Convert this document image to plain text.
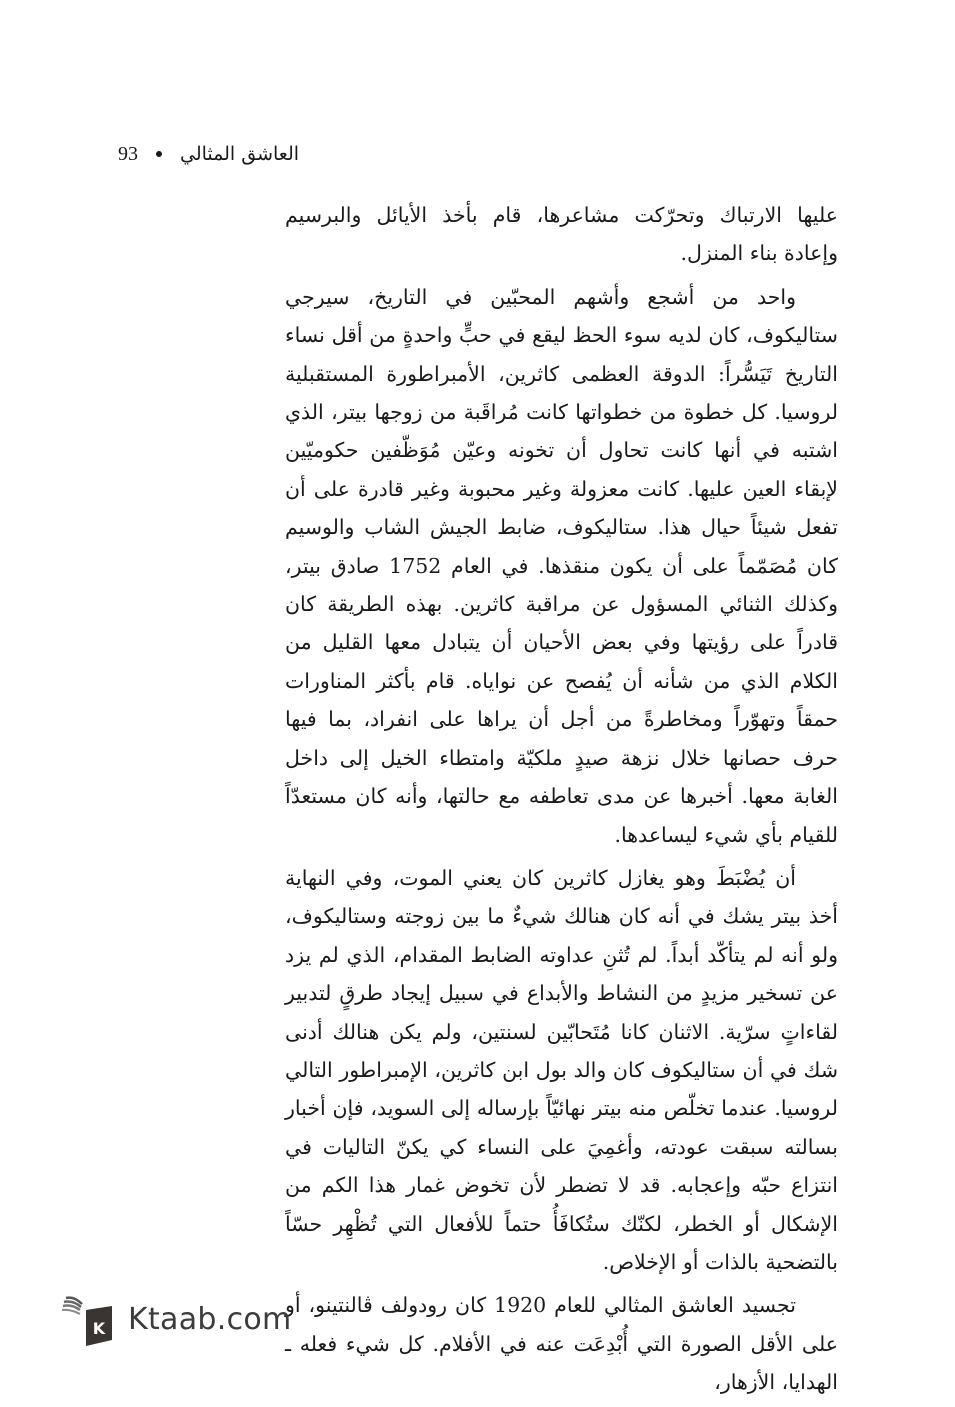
93 العاشق المثالي

عليها الارتباك وتحرّكت مشاعرها، قام بأخذ الأيائل والبرسيم وإعادة بناء المنزل.

واحد من أشجع وأشهم المحبّين في التاريخ، سيرجي ستاليكوف، كان لديه سوء الحظ ليقع في حبٍّ واحدةٍ من أقل نساء التاريخ تَيَسُّراً: الدوقة العظمى كاثرين، الأمبراطورة المستقبلية لروسيا. كل خطوة من خطواتها كانت مُراقَبة من زوجها بيتر، الذي اشتبه في أنها كانت تحاول أن تخونه وعيّن مُوَظّفين حكوميّين لإبقاء العين عليها. كانت معزولة وغير محبوبة وغير قادرة على أن تفعل شيئاً حيال هذا. ستاليكوف، ضابط الجيش الشاب والوسيم كان مُصَمّماً على أن يكون منقذها. في العام 1752 صادق بيتر، وكذلك الثنائي المسؤول عن مراقبة كاثرين. بهذه الطريقة كان قادراً على رؤيتها وفي بعض الأحيان أن يتبادل معها القليل من الكلام الذي من شأنه أن يُفصح عن نواياه. قام بأكثر المناورات حمقاً وتهوّراً ومخاطرةً من أجل أن يراها على انفراد، بما فيها حرف حصانها خلال نزهة صيدٍ ملكيّة وامتطاء الخيل إلى داخل الغابة معها. أخبرها عن مدى تعاطفه مع حالتها، وأنه كان مستعدّاً للقيام بأي شيء ليساعدها.

أن يُضْبَطَ وهو يغازل كاثرين كان يعني الموت، وفي النهاية أخذ بيتر يشك في أنه كان هنالك شيءٌ ما بين زوجته وستاليكوف، ولو أنه لم يتأكّد أبداً. لم تُثنِ عداوته الضابط المقدام، الذي لم يزد عن تسخير مزيدٍ من النشاط والأبداع في سبيل إيجاد طرقٍ لتدبير لقاءاتٍ سرّية. الاثنان كانا مُتَحابّين لسنتين، ولم يكن هنالك أدنى شك في أن ستاليكوف كان والد بول ابن كاثرين، الإمبراطور التالي لروسيا. عندما تخلّص منه بيتر نهائيّاً بإرساله إلى السويد، فإن أخبار بسالته سبقت عودته، وأغمِيَ على النساء كي يكنّ التاليات في انتزاع حبّه وإعجابه. قد لا تضطر لأن تخوض غمار هذا الكم من الإشكال أو الخطر، لكنّك ستُكافَأُ حتماً للأفعال التي تُظْهِر حسّاً بالتضحية بالذات أو الإخلاص.

تجسيد العاشق المثالي للعام 1920 كان رودولف ڤالنتينو، أو على الأقل الصورة التي أُبْدِعَت عنه في الأفلام. كل شيء فعله ـ الهدايا، الأزهار،

K Ktaab.com
